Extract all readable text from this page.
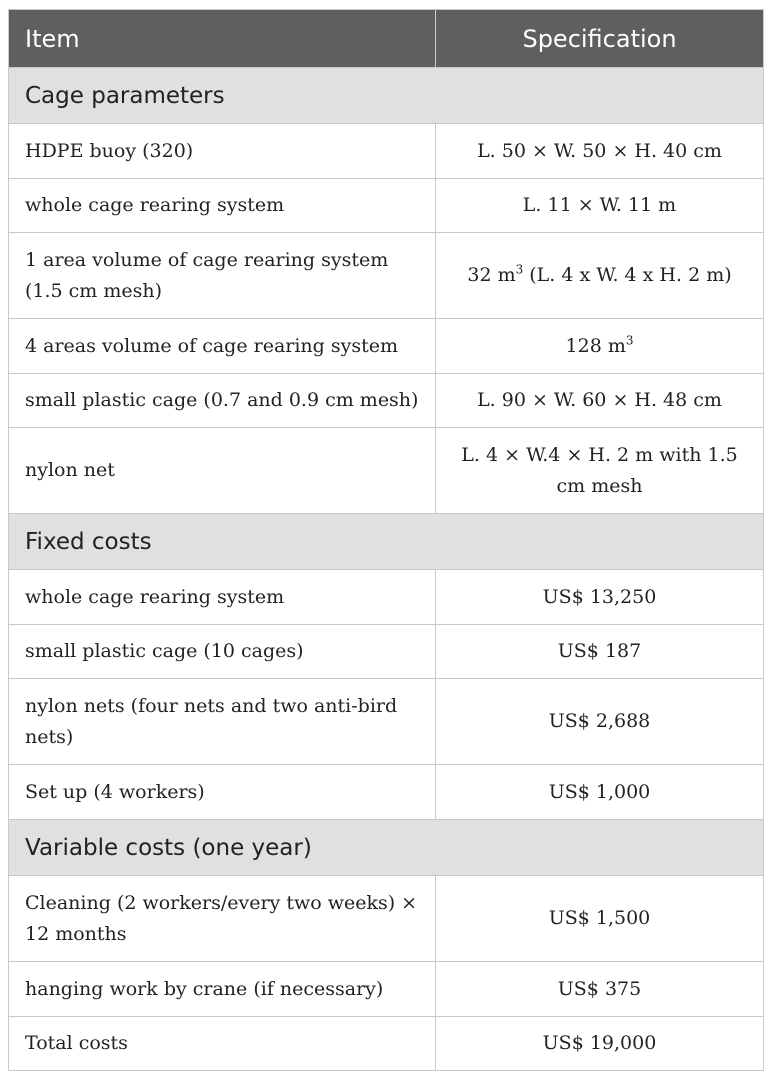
Item	Specification
Cage parameters	
HDPE buoy (320)	L. 50 × W. 50 × H. 40 cm
whole cage rearing system	L. 11 × W. 11 m
1 area volume of cage rearing system (1.5 cm mesh)	32 $m^3$ (L. 4 x W. 4 x H. 2 m)
4 areas volume of cage rearing system	128 $m^3$
small plastic cage (0.7 and 0.9 cm mesh)	L. 90 × W. 60 × H. 48 cm
nylon net	L. 4 × W.4 × H. 2 m with 1.5 cm mesh
Fixed costs	
whole cage rearing system	US$ 13,250
small plastic cage (10 cages)	US$ 187
nylon nets (four nets and two anti-bird nets)	US$ 2,688
Set up (4 workers)	US$ 1,000
Variable costs (one year)	
Cleaning (2 workers/every two weeks) × 12 months	US$ 1,500
hanging work by crane (if necessary)	US$ 375
Total costs	US$ 19,000
